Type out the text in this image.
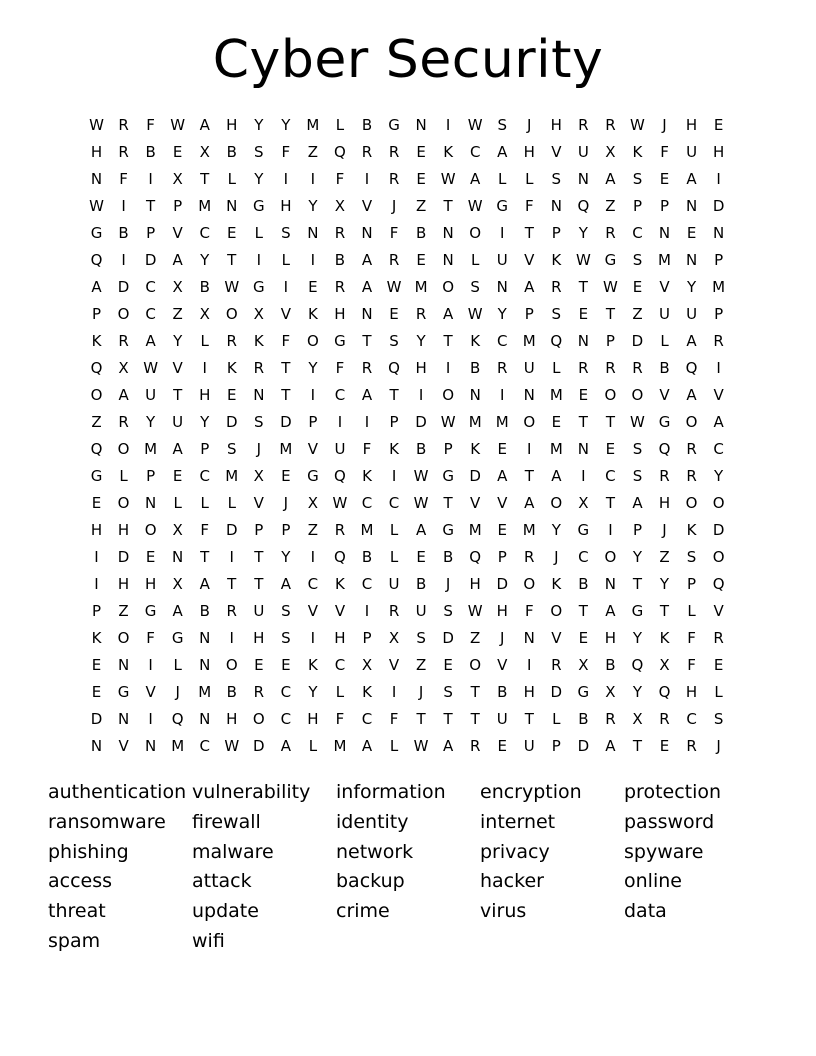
Cyber Security
W R F W A H Y Y M L B G N I W S J H R R W J H E
H R B E X B S F Z Q R R E K C A H V U X K F U H
N F I X T L Y I I F I R E W A L L S N A S E A I
W I T P M N G H Y X V J Z T W G F N Q Z P P N D
G B P V C E L S N R N F B N O I T P Y R C N E N
Q I D A Y T I L I B A R E N L U V K W G S M N P
A D C X B W G I E R A W M O S N A R T W E V Y M
P O C Z X O X V K H N E R A W Y P S E T Z U U P
K R A Y L R K F O G T S Y T K C M Q N P D L A R
Q X W V I K R T Y F R Q H I B R U L R R R B Q I
O A U T H E N T I C A T I O N I N M E O O V A V
Z R Y U Y D S D P I I P D W M M O E T T W G O A
Q O M A P S J M V U F K B P K E I M N E S Q R C
G L P E C M X E G Q K I W G D A T A I C S R R Y
E O N L L L V J X W C C W T V V A O X T A H O O
H H O X F D P P Z R M L A G M E M Y G I P J K D
I D E N T I T Y I Q B L E B Q P R J C O Y Z S O
I H H X A T T A C K C U B J H D O K B N T Y P Q
P Z G A B R U S V V I R U S W H F O T A G T L V
K O F G N I H S I H P X S D Z J N V E H Y K F R
E N I L N O E E K C X V Z E O V I R X B Q X F E
E G V J M B R C Y L K I J S T B H D G X Y Q H L
D N I Q N H O C H F C F T T T U T L B R X R C S
N V N M C W D A L M A L W A R E U P D A T E R J
authentication vulnerability	information	encryption	protection
ransomware	firewall	identity	internet	password
phishing	malware	network	privacy	spyware
access	attack	backup	hacker	online
threat	update	crime	virus	data
spam	wifi
